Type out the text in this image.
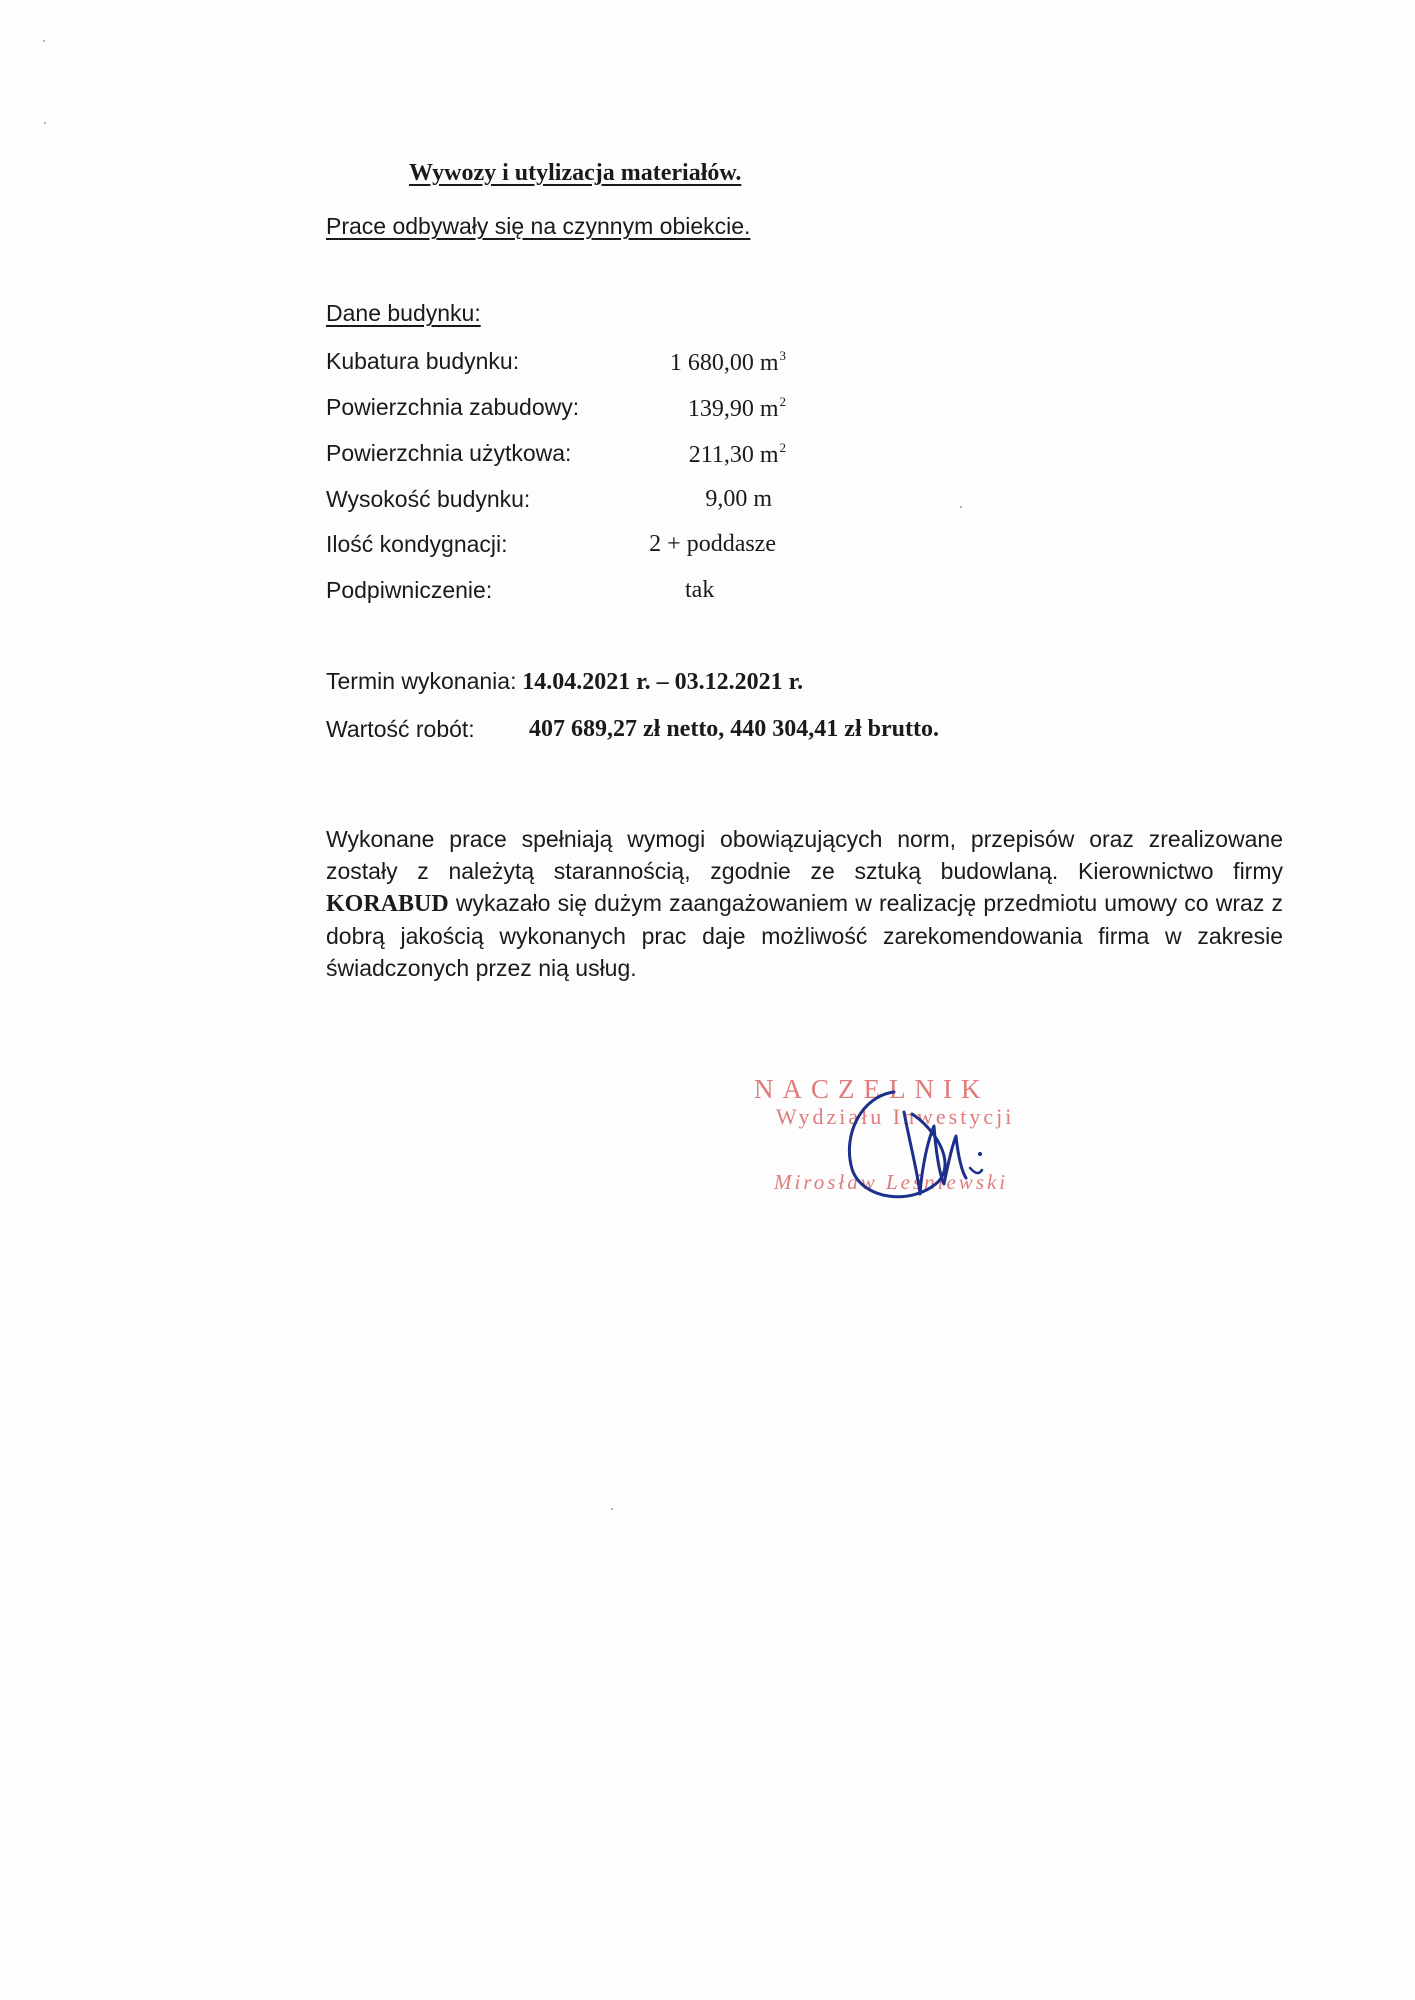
Wywozy i utylizacja materiałów.
Prace odbywały się na czynnym obiekcie.
Dane budynku:
Kubatura budynku:	1 680,00 $m^3$
Powierzchnia zabudowy:	139,90 $m^2$
Powierzchnia użytkowa:	211,30 $m^2$
Wysokość budynku:	9,00 m
Ilość kondygnacji:	2 + poddasze
Podpiwniczenie:	tak
Termin wykonania: 14.04.2021 r. – 03.12.2021 r.
Wartość robót: 407 689,27 zł netto, 440 304,41 zł brutto.
Wykonane prace spełniają wymogi obowiązujących norm, przepisów oraz zrealizowane zostały z należytą starannością, zgodnie ze sztuką budowlaną. Kierownictwo firmy KORABUD wykazało się dużym zaangażowaniem w realizację przedmiotu umowy co wraz z dobrą jakością wykonanych prac daje możliwość zarekomendowania firma w zakresie świadczonych przez nią usług.
NACZELNIK
Wydziału Inwestycji
Mirosław Leśniewski
